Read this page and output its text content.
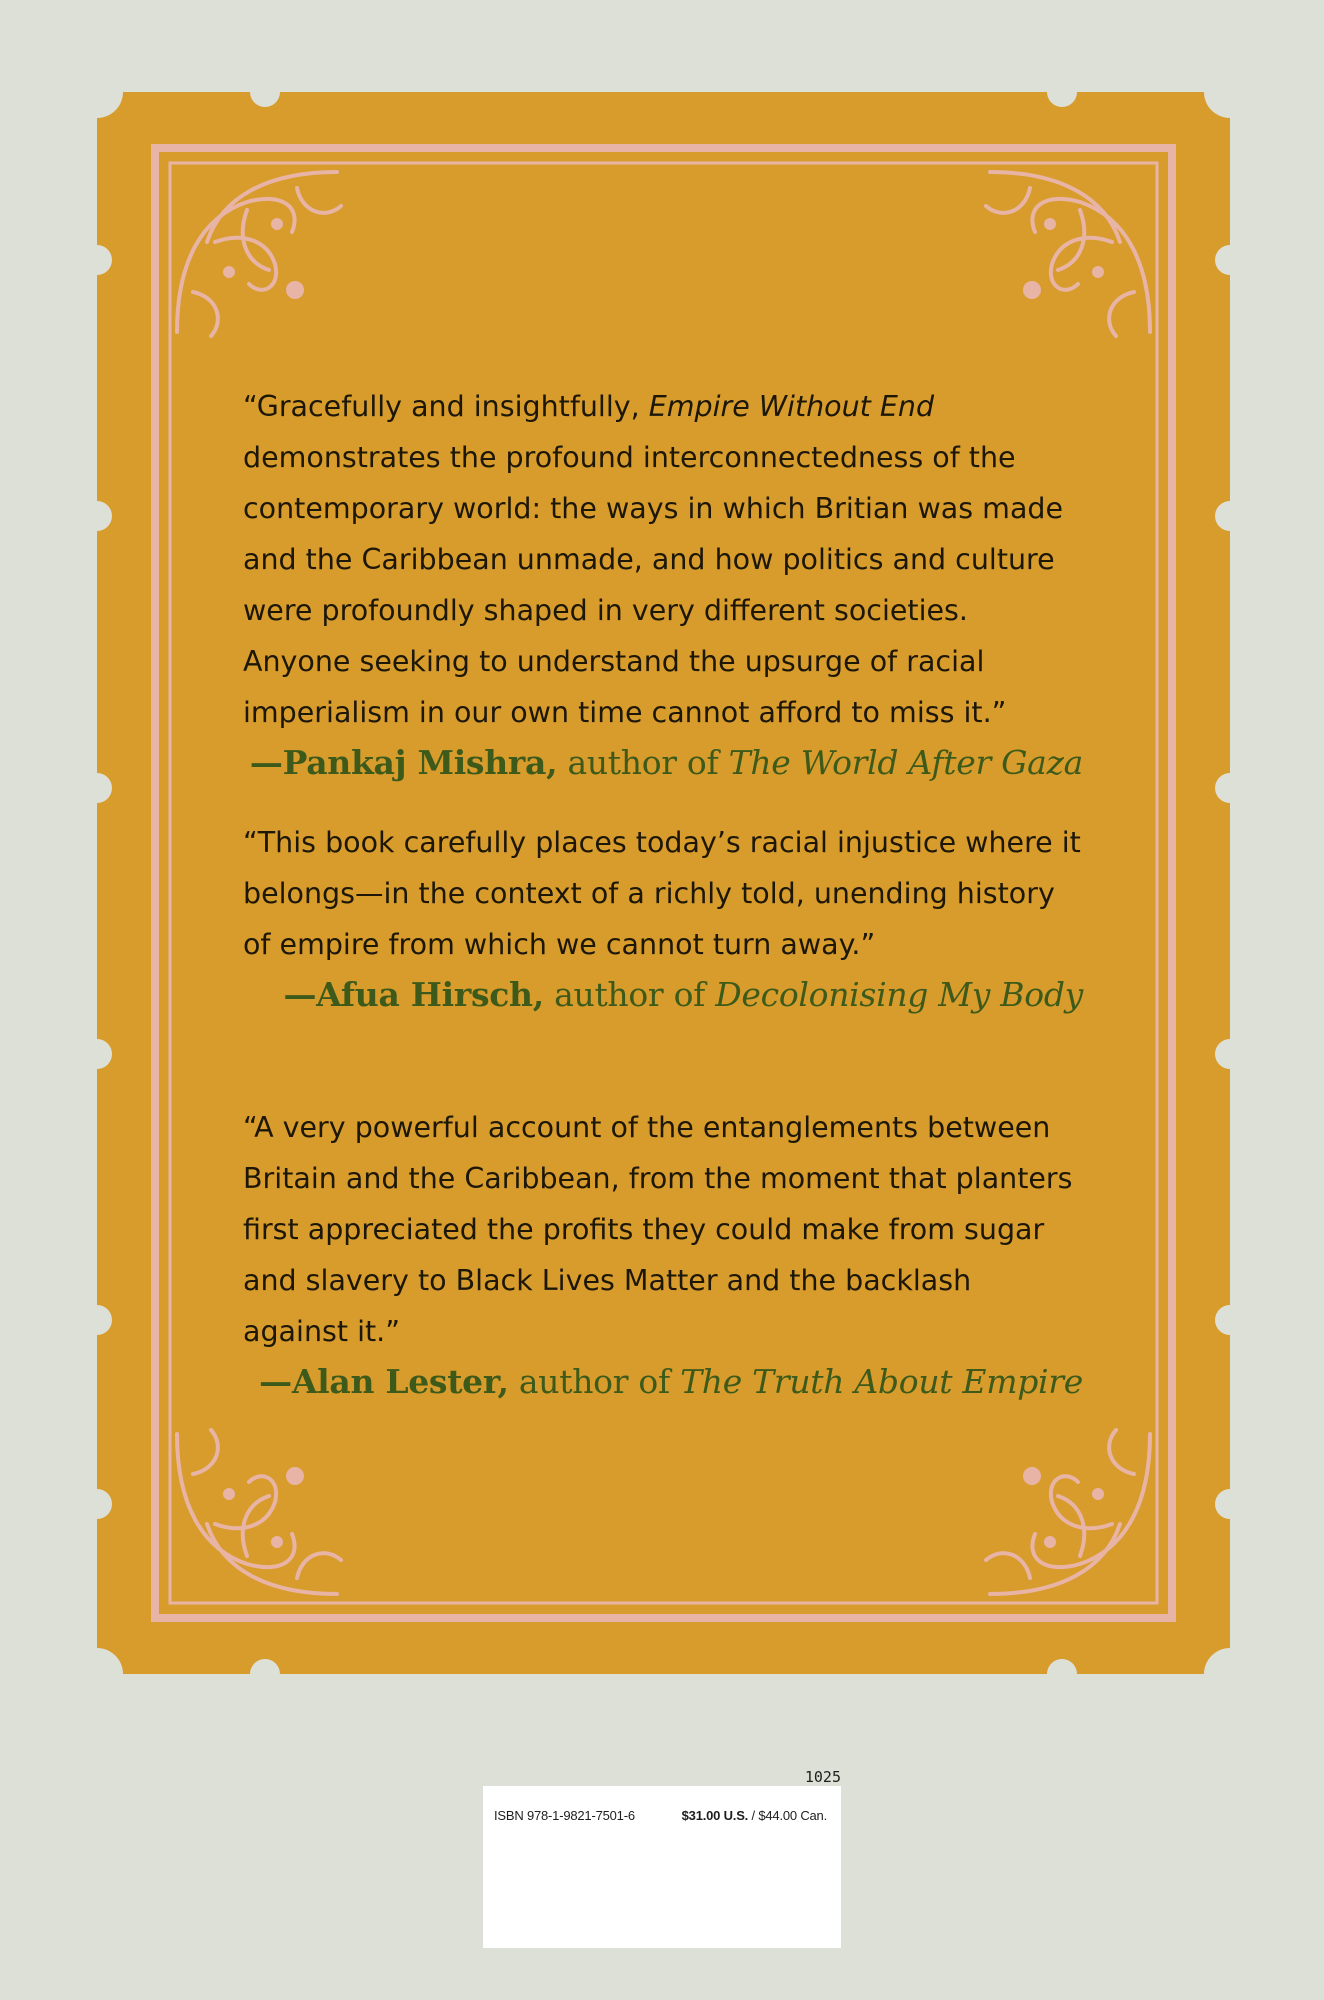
“Gracefully and insightfully, Empire Without End demonstrates the profound interconnectedness of the contemporary world: the ways in which Britian was made and the Caribbean unmade, and how politics and culture were profoundly shaped in very different societies. Anyone seeking to understand the upsurge of racial imperialism in our own time cannot afford to miss it.”

—Pankaj Mishra, author of The World After Gaza

“This book carefully places today’s racial injustice where it belongs—in the context of a richly told, unending history of empire from which we cannot turn away.”

—Afua Hirsch, author of Decolonising My Body

“A very powerful account of the entanglements between Britain and the Caribbean, from the moment that planters first appreciated the profits they could make from sugar and slavery to Black Lives Matter and the backlash against it.”

—Alan Lester, author of The Truth About Empire

1025
ISBN 978-1-9821-7501-6	$31.00 U.S. / $44.00 Can.
